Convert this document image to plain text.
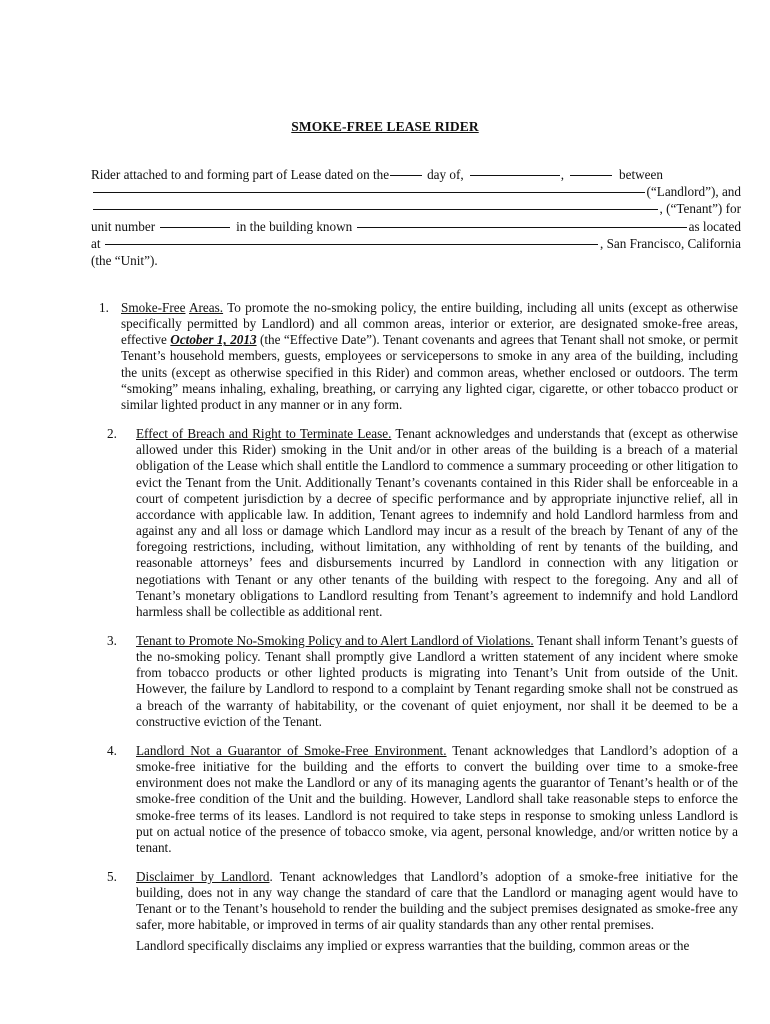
SMOKE-FREE LEASE RIDER
Rider attached to and forming part of Lease dated on the	day of,	,	between
(“Landlord”), and
, (“Tenant”) for
unit number	in the building known	as located
at	, San Francisco, California
(the “Unit”).
1. Smoke-Free Areas. To promote the no-smoking policy, the entire building, including all units (except as otherwise specifically permitted by Landlord) and all common areas, interior or exterior, are designated smoke-free areas, effective October 1, 2013 (the “Effective Date”). Tenant covenants and agrees that Tenant shall not smoke, or permit Tenant’s household members, guests, employees or servicepersons to smoke in any area of the building, including the units (except as otherwise specified in this Rider) and common areas, whether enclosed or outdoors. The term “smoking” means inhaling, exhaling, breathing, or carrying any lighted cigar, cigarette, or other tobacco product or similar lighted product in any manner or in any form.
2. Effect of Breach and Right to Terminate Lease. Tenant acknowledges and understands that (except as otherwise allowed under this Rider) smoking in the Unit and/or in other areas of the building is a breach of a material obligation of the Lease which shall entitle the Landlord to commence a summary proceeding or other litigation to evict the Tenant from the Unit. Additionally Tenant’s covenants contained in this Rider shall be enforceable in a court of competent jurisdiction by a decree of specific performance and by appropriate injunctive relief, all in accordance with applicable law. In addition, Tenant agrees to indemnify and hold Landlord harmless from and against any and all loss or damage which Landlord may incur as a result of the breach by Tenant of any of the foregoing restrictions, including, without limitation, any withholding of rent by tenants of the building, and reasonable attorneys’ fees and disbursements incurred by Landlord in connection with any litigation or negotiations with Tenant or any other tenants of the building with respect to the foregoing. Any and all of Tenant’s monetary obligations to Landlord resulting from Tenant’s agreement to indemnify and hold Landlord harmless shall be collectible as additional rent.
3. Tenant to Promote No-Smoking Policy and to Alert Landlord of Violations. Tenant shall inform Tenant’s guests of the no-smoking policy. Tenant shall promptly give Landlord a written statement of any incident where smoke from tobacco products or other lighted products is migrating into Tenant’s Unit from outside of the Unit. However, the failure by Landlord to respond to a complaint by Tenant regarding smoke shall not be construed as a breach of the warranty of habitability, or the covenant of quiet enjoyment, nor shall it be deemed to be a constructive eviction of the Tenant.
4. Landlord Not a Guarantor of Smoke-Free Environment. Tenant acknowledges that Landlord’s adoption of a smoke-free initiative for the building and the efforts to convert the building over time to a smoke-free environment does not make the Landlord or any of its managing agents the guarantor of Tenant’s health or of the smoke-free condition of the Unit and the building. However, Landlord shall take reasonable steps to enforce the smoke-free terms of its leases. Landlord is not required to take steps in response to smoking unless Landlord is put on actual notice of the presence of tobacco smoke, via agent, personal knowledge, and/or written notice by a tenant.
5. Disclaimer by Landlord. Tenant acknowledges that Landlord’s adoption of a smoke-free initiative for the building, does not in any way change the standard of care that the Landlord or managing agent would have to Tenant or to the Tenant’s household to render the building and the subject premises designated as smoke-free any safer, more habitable, or improved in terms of air quality standards than any other rental premises.
Landlord specifically disclaims any implied or express warranties that the building, common areas or the
